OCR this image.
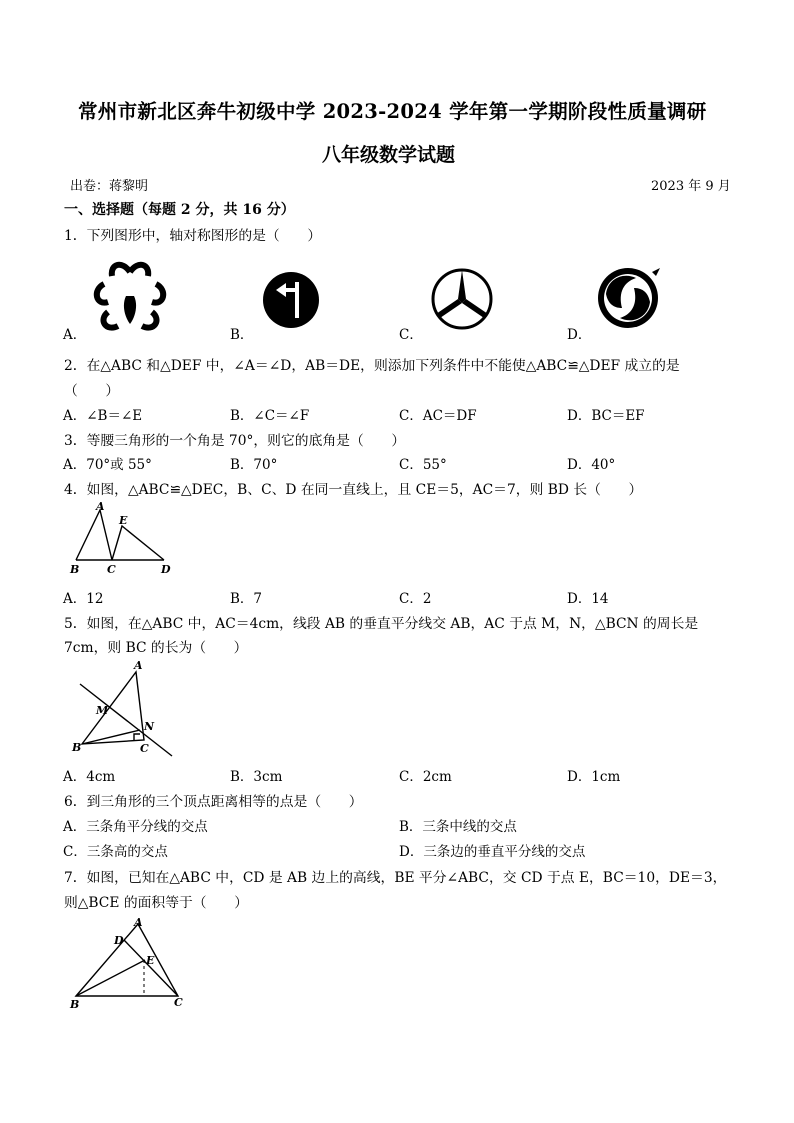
常州市新北区奔牛初级中学 2023-2024 学年第一学期阶段性质量调研
八年级数学试题
出卷：蒋黎明	2023 年 9 月
一、选择题（每题 2 分，共 16 分）
1．下列图形中，轴对称图形的是（　　）
A．	B．	C．	D．
2．在△ABC 和△DEF 中，∠A＝∠D，AB＝DE，则添加下列条件中不能使△ABC≌△DEF 成立的是
（　　）
A．∠B＝∠E	B．∠C＝∠F	C．AC＝DF	D．BC＝EF
3．等腰三角形的一个角是 70°，则它的底角是（　　）
A．70°或 55°	B．70°	C．55°	D．40°
4．如图，△ABC≌△DEC，B、C、D 在同一直线上，且 CE＝5，AC＝7，则 BD 长（　　）
A
E
B	C	D
A．12	B．7	C．2	D．14
5．如图，在△ABC 中，AC＝4cm，线段 AB 的垂直平分线交 AB，AC 于点 M，N，△BCN 的周长是
7cm，则 BC 的长为（　　）
A
M
N
B	C
A．4cm	B．3cm	C．2cm	D．1cm
6．到三角形的三个顶点距离相等的点是（　　）
A．三条角平分线的交点	B．三条中线的交点
C．三条高的交点	D．三条边的垂直平分线的交点
7．如图，已知在△ABC 中，CD 是 AB 边上的高线，BE 平分∠ABC，交 CD 于点 E，BC＝10，DE＝3，
则△BCE 的面积等于（　　）
A
D
E
B	C
